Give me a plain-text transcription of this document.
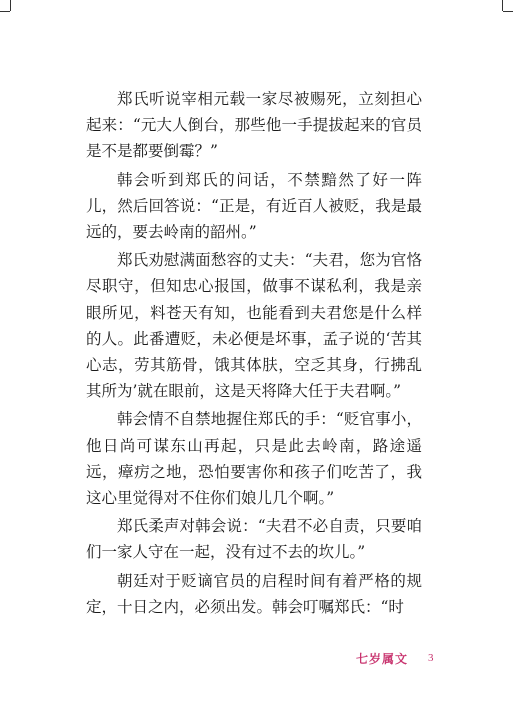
郑氏听说宰相元载一家尽被赐死，立刻担心起来：“元大人倒台，那些他一手提拔起来的官员是不是都要倒霉？”

韩会听到郑氏的问话，不禁黯然了好一阵儿，然后回答说：“正是，有近百人被贬，我是最远的，要去岭南的韶州。”

郑氏劝慰满面愁容的丈夫：“夫君，您为官恪尽职守，但知忠心报国，做事不谋私利，我是亲眼所见，料苍天有知，也能看到夫君您是什么样的人。此番遭贬，未必便是坏事，孟子说的‘苦其心志，劳其筋骨，饿其体肤，空乏其身，行拂乱其所为’就在眼前，这是天将降大任于夫君啊。”

韩会情不自禁地握住郑氏的手：“贬官事小，他日尚可谋东山再起，只是此去岭南，路途遥远，瘴疠之地，恐怕要害你和孩子们吃苦了，我这心里觉得对不住你们娘儿几个啊。”

郑氏柔声对韩会说：“夫君不必自责，只要咱们一家人守在一起，没有过不去的坎儿。”

朝廷对于贬谪官员的启程时间有着严格的规定，十日之内，必须出发。韩会叮嘱郑氏：“时

七岁属文 3
